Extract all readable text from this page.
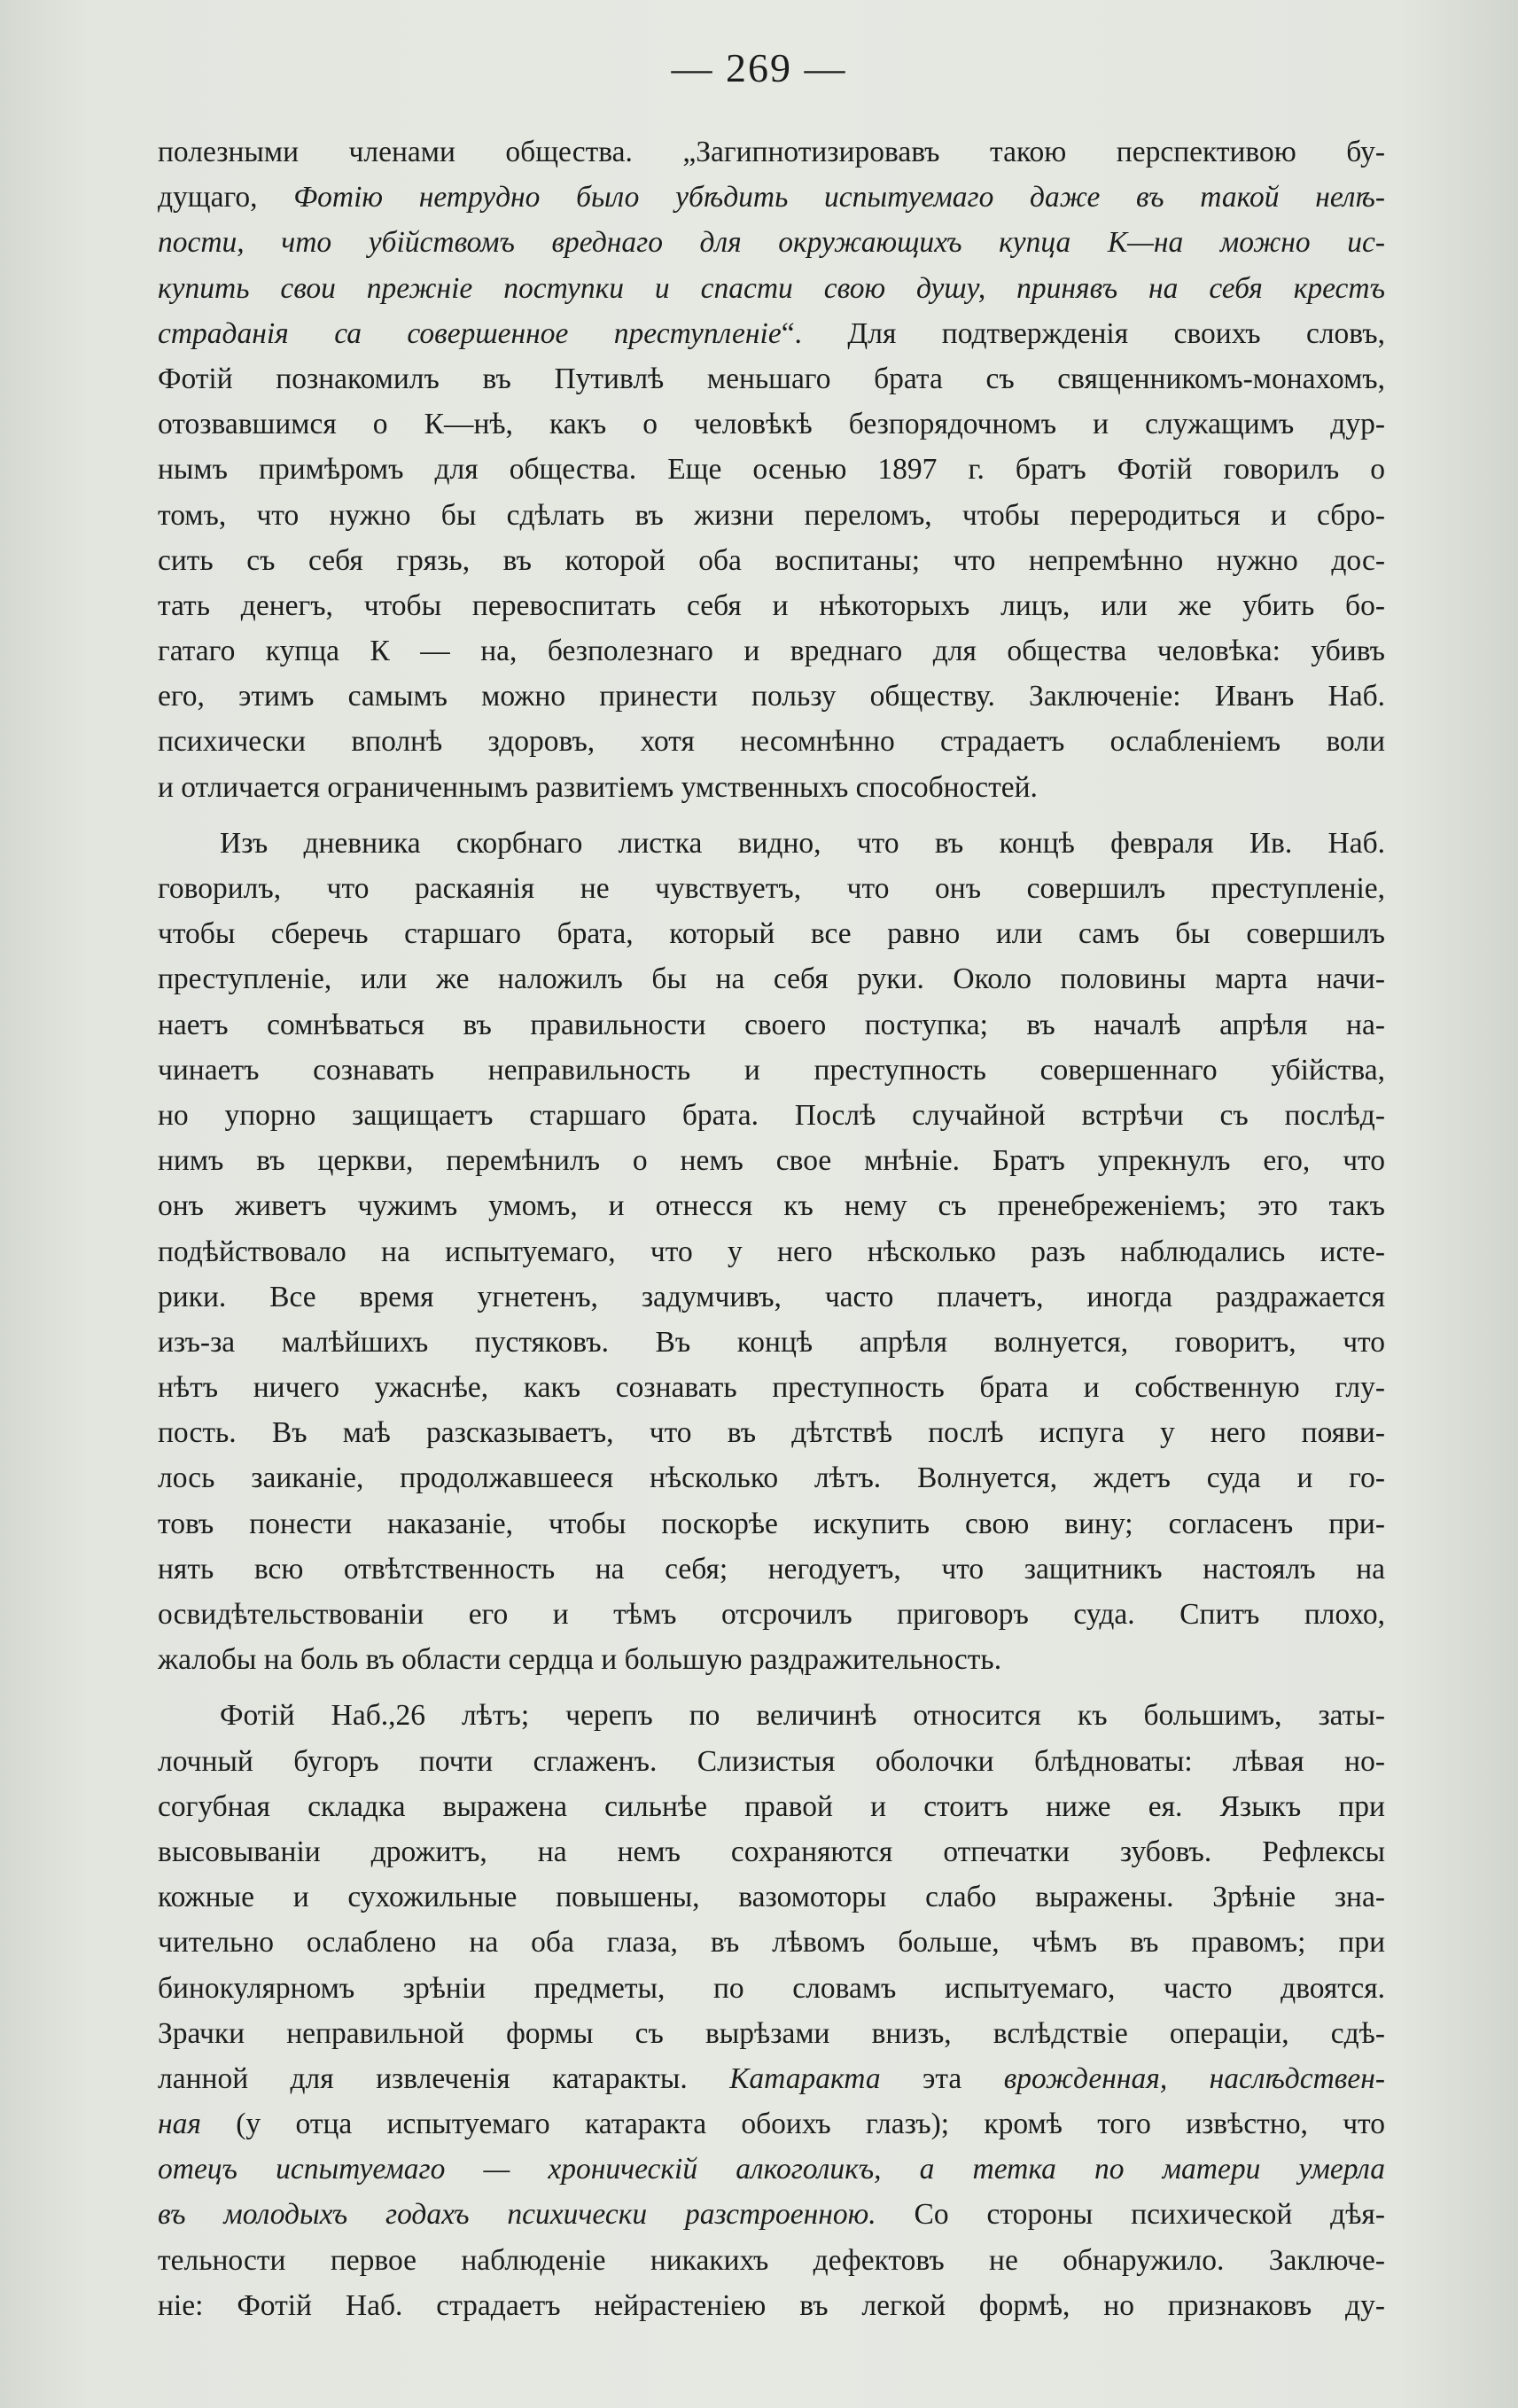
— 269 —
полезными членами общества. „Загипнотизировавъ такою перспективою бу-
дущаго, Фотію нетрудно было убѣдить испытуемаго даже въ такой нелѣ-
пости, что убійствомъ вреднаго для окружающихъ купца К—на можно ис-
купить свои прежніе поступки и спасти свою душу, принявъ на себя крестъ
страданія са совершенное преступленіе“. Для подтвержденія своихъ словъ,
Фотій познакомилъ въ Путивлѣ меньшаго брата съ священникомъ-монахомъ,
отозвавшимся о К—нѣ, какъ о человѣкѣ безпорядочномъ и служащимъ дур-
нымъ примѣромъ для общества. Еще осенью 1897 г. братъ Фотій говорилъ о
томъ, что нужно бы сдѣлать въ жизни переломъ, чтобы переродиться и сбро-
сить съ себя грязь, въ которой оба воспитаны; что непремѣнно нужно дос-
тать денегъ, чтобы перевоспитать себя и нѣкоторыхъ лицъ, или же убить бо-
гатаго купца К — на, безполезнаго и вреднаго для общества человѣка: убивъ
его, этимъ самымъ можно принести пользу обществу. Заключеніе: Иванъ Наб.
психически вполнѣ здоровъ, хотя несомнѣнно страдаетъ ослабленіемъ воли
и отличается ограниченнымъ развитіемъ умственныхъ способностей.
Изъ дневника скорбнаго листка видно, что въ концѣ февраля Ив. Наб.
говорилъ, что раскаянія не чувствуетъ, что онъ совершилъ преступленіе,
чтобы сберечь старшаго брата, который все равно или самъ бы совершилъ
преступленіе, или же наложилъ бы на себя руки. Около половины марта начи-
наетъ сомнѣваться въ правильности своего поступка; въ началѣ апрѣля на-
чинаетъ сознавать неправильность и преступность совершеннаго убійства,
но упорно защищаетъ старшаго брата. Послѣ случайной встрѣчи съ послѣд-
нимъ въ церкви, перемѣнилъ о немъ свое мнѣніе. Братъ упрекнулъ его, что
онъ живетъ чужимъ умомъ, и отнесся къ нему съ пренебреженіемъ; это такъ
подѣйствовало на испытуемаго, что у него нѣсколько разъ наблюдались истe-
рики. Все время угнетенъ, задумчивъ, часто плачетъ, иногда раздражается
изъ-за малѣйшихъ пустяковъ. Въ концѣ апрѣля волнуется, говоритъ, что
нѣтъ ничего ужаснѣе, какъ сознавать преступность брата и собственную глу-
пость. Въ маѣ разсказываетъ, что въ дѣтствѣ послѣ испуга у него появи-
лось заиканіе, продолжавшееся нѣсколько лѣтъ. Волнуется, ждетъ суда и го-
товъ понести наказаніе, чтобы поскорѣе искупить свою вину; согласенъ при-
нять всю отвѣтственность на себя; негодуетъ, что защитникъ настоялъ на
освидѣтельствованіи его и тѣмъ отсрочилъ приговоръ суда. Спитъ плохо,
жалобы на боль въ области сердца и большую раздражительность.
Фотій Наб.,26 лѣтъ; черепъ по величинѣ относится къ большимъ, заты-
лочный бугоръ почти сглаженъ. Слизистыя оболочки блѣдноваты: лѣвая но-
согубная складка выражена сильнѣе правой и стоитъ ниже ея. Языкъ при
высовываніи дрожитъ, на немъ сохраняются отпечатки зубовъ. Рефлексы
кожные и сухожильные повышены, вазомоторы слабо выражены. Зрѣніе зна-
чительно ослаблено на оба глаза, въ лѣвомъ больше, чѣмъ въ правомъ; при
бинокулярномъ зрѣніи предметы, по словамъ испытуемаго, часто двоятся.
Зрачки неправильной формы съ вырѣзами внизъ, вслѣдствіе операціи, сдѣ-
ланной для извлеченія катаракты. Катаракта эта врожденная, наслѣдствен-
ная (у отца испытуемаго катаракта обоихъ глазъ); кромѣ того извѣстно, что
отецъ испытуемаго — хроническій алкоголикъ, а тетка по матери умерла
въ молодыхъ годахъ психически разстроенною. Со стороны психической дѣя-
тельности первое наблюденіе никакихъ дефектовъ не обнаружило. Заключе-
ніе: Фотій Наб. страдаетъ нейрастеніею въ легкой формѣ, но признаковъ ду-
